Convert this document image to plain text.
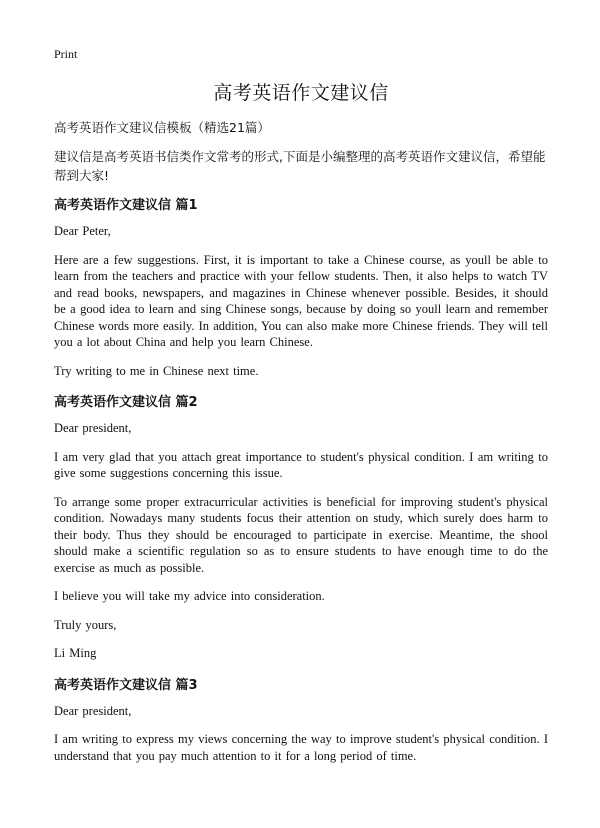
Print
高考英语作文建议信
高考英语作文建议信模板（精选21篇）
建议信是高考英语书信类作文常考的形式,下面是小编整理的高考英语作文建议信，希望能帮到大家!
高考英语作文建议信 篇1
Dear Peter,
Here are a few suggestions. First, it is important to take a Chinese course, as youll be able to learn from the teachers and practice with your fellow students. Then, it also helps to watch TV and read books, newspapers, and magazines in Chinese whenever possible. Besides, it should be a good idea to learn and sing Chinese songs, because by doing so youll learn and remember Chinese words more easily. In addition, You can also make more Chinese friends. They will tell you a lot about China and help you learn Chinese.
Try writing to me in Chinese next time.
高考英语作文建议信 篇2
Dear president,
I am very glad that you attach great importance to student's physical condition. I am writing to give some suggestions concerning this issue.
To arrange some proper extracurricular activities is beneficial for improving student's physical condition. Nowadays many students focus their attention on study, which surely does harm to their body. Thus they should be encouraged to participate in exercise. Meantime, the shool should make a scientific regulation so as to ensure students to have enough time to do the exercise as much as possible.
I believe you will take my advice into consideration.
Truly yours,
Li Ming
高考英语作文建议信 篇3
Dear president,
I am writing to express my views concerning the way to improve student's physical condition. I understand that you pay much attention to it for a long period of time.
